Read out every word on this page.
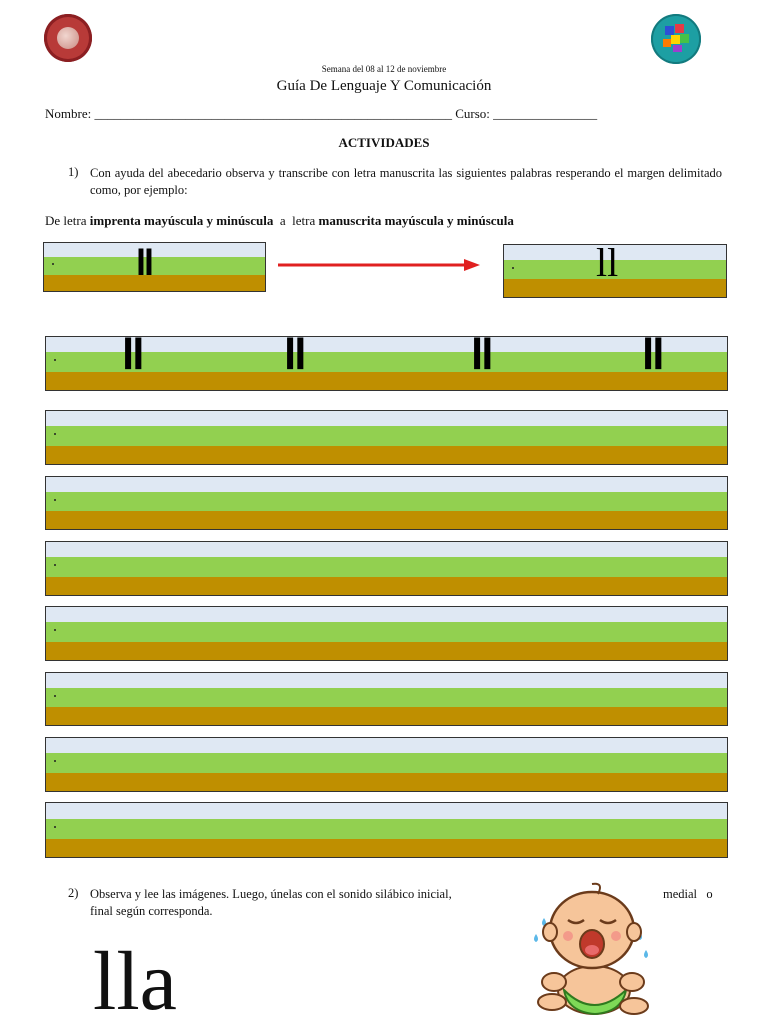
Semana del 08 al 12 de noviembre
Guía De Lenguaje Y Comunicación
Nombre: _______________________________________________________ Curso: ________________
ACTIVIDADES
1) Con ayuda del abecedario observa y transcribe con letra manuscrita las siguientes palabras resperando el margen delimitado como, por ejemplo:
De letra imprenta mayúscula y minúscula  a  letra manuscrita mayúscula y minúscula
ll	ll
ll	ll	ll	ll
2) Observa y lee las imágenes. Luego, únelas con el sonido silábico inicial,	medial   o
final según corresponda.
lla
